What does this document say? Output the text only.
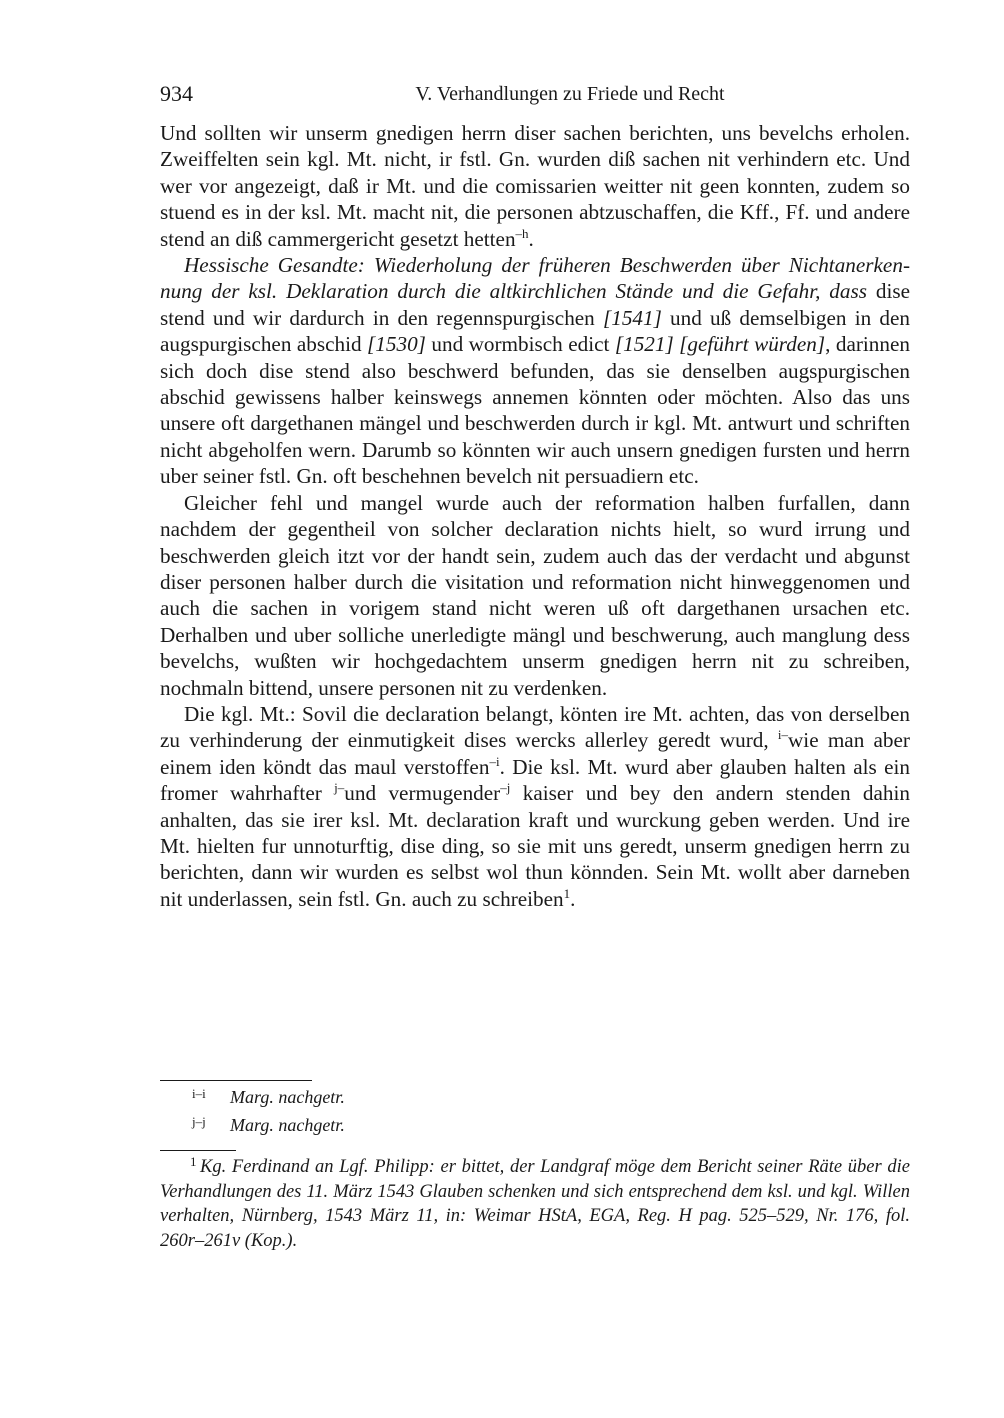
934	V. Verhandlungen zu Friede und Recht

Und sollten wir unserm gnedigen herrn diser sachen berichten, uns bevelchs erholen. Zweiffelten sein kgl. Mt. nicht, ir fstl. Gn. wurden diß sachen nit verhindern etc. Und wer vor angezeigt, daß ir Mt. und die comissarien weitter nit geen konnten, zudem so stuend es in der ksl. Mt. macht nit, die personen abtzuschaffen, die Kff., Ff. und andere stend an diß cammergericht gesetzt hetten$^{-h}$.

Hessische Gesandte: Wiederholung der früheren Beschwerden über Nichtanerkennung der ksl. Deklaration durch die altkirchlichen Stände und die Gefahr, dass dise stend und wir dardurch in den regennspurgischen [1541] und uß demselbigen in den augspurgischen abschid [1530] und wormbisch edict [1521] [geführt würden], darinnen sich doch dise stend also beschwerd befunden, das sie denselben augspurgischen abschid gewissens halber keinswegs annemen könnten oder möchten. Also das uns unsere oft dargethanen mängel und beschwerden durch ir kgl. Mt. antwurt und schriften nicht abgeholfen wern. Darumb so könnten wir auch unsern gnedigen fursten und herrn uber seiner fstl. Gn. oft beschehnen bevelch nit persuadiern etc.

Gleicher fehl und mangel wurde auch der reformation halben furfallen, dann nachdem der gegentheil von solcher declaration nichts hielt, so wurd irrung und beschwerden gleich itzt vor der handt sein, zudem auch das der verdacht und abgunst diser personen halber durch die visitation und reformation nicht hinweggenomen und auch die sachen in vorigem stand nicht weren uß oft dargethanen ursachen etc. Derhalben und uber solliche unerledigte mängl und beschwerung, auch manglung dess bevelchs, wußten wir hochgedachtem unserm gnedigen herrn nit zu schreiben, nochmaln bittend, unsere personen nit zu verdenken.

Die kgl. Mt.: Sovil die declaration belangt, könten ire Mt. achten, das von derselben zu verhinderung der einmutigkeit dises wercks allerley geredt wurd, $^{i-}$wie man aber einem iden köndt das maul verstoffen$^{-i}$. Die ksl. Mt. wurd aber glauben halten als ein fromer wahrhafter $^{j-}$und vermugender$^{-j}$ kaiser und bey den andern stenden dahin anhalten, das sie irer ksl. Mt. declaration kraft und wurckung geben werden. Und ire Mt. hielten fur unnoturftig, dise ding, so sie mit uns geredt, unserm gnedigen herrn zu berichten, dann wir wurden es selbst wol thun könnden. Sein Mt. wollt aber darneben nit underlassen, sein fstl. Gn. auch zu schreiben$^1$.

i–i Marg. nachgetr.
j–j Marg. nachgetr.
1 Kg. Ferdinand an Lgf. Philipp: er bittet, der Landgraf möge dem Bericht seiner Räte über die Verhandlungen des 11. März 1543 Glauben schenken und sich entsprechend dem ksl. und kgl. Willen verhalten, Nürnberg, 1543 März 11, in: Weimar HStA, EGA, Reg. H pag. 525–529, Nr. 176, fol. 260r–261v (Kop.).
